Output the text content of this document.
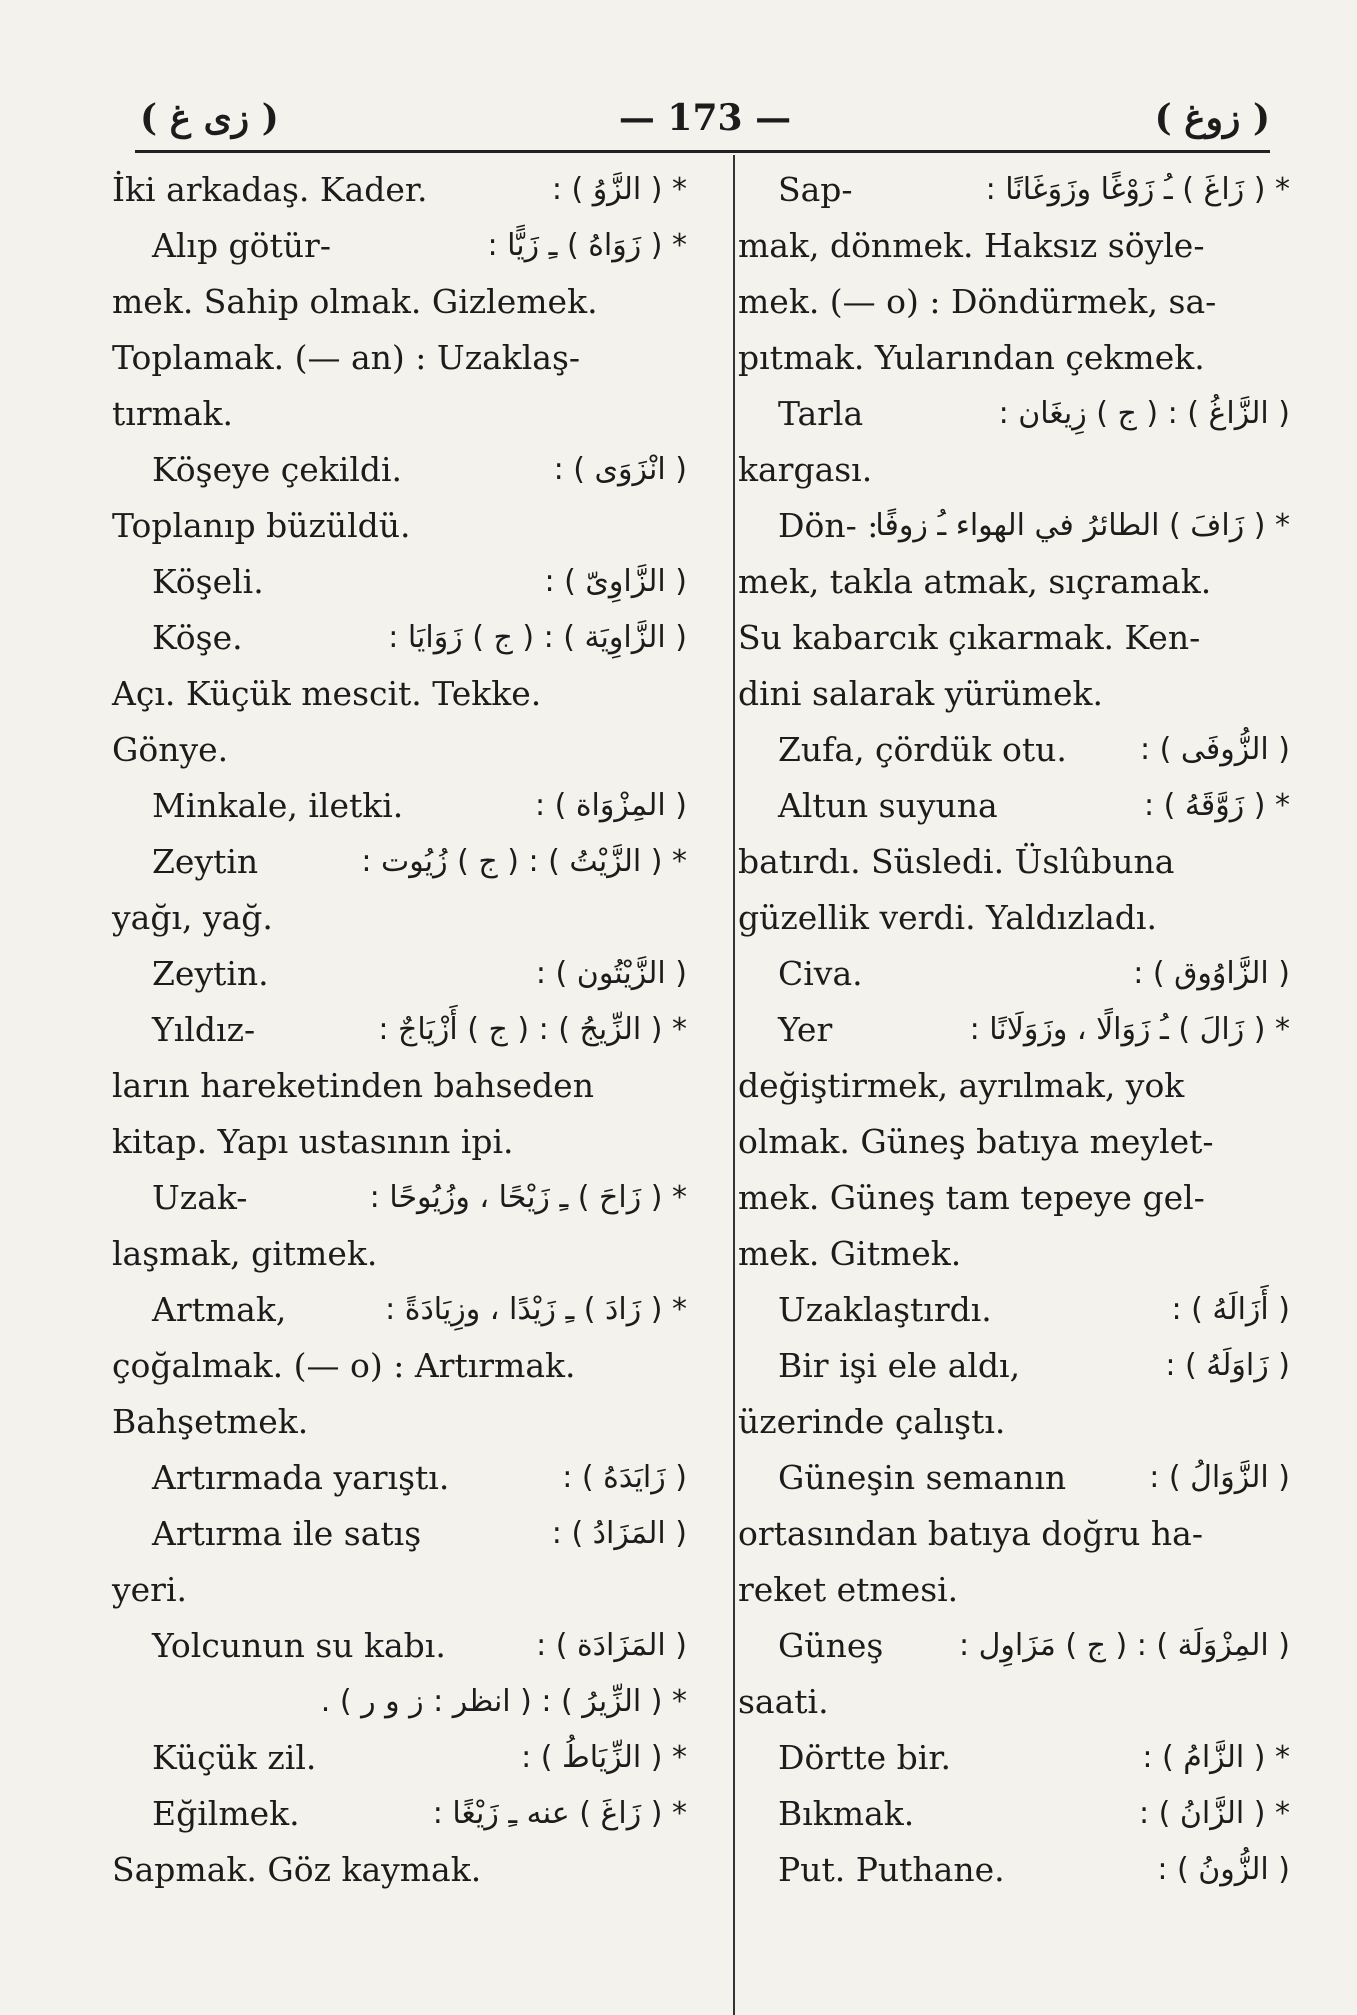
( زى غ )	— 173 —	( زوغ )
İki arkadaş. Kader.	* ( الزَّوُ ) :
Alıp götür-	* ( زَوَاهُ ) ـِ زَيًّا :
mek. Sahip olmak. Gizlemek.
Toplamak. (— an) : Uzaklaş-
tırmak.
Köşeye çekildi.	( انْزَوَى ) :
Toplanıp büzüldü.
Köşeli.	( الزَّاوِىّ ) :
Köşe.	( الزَّاوِيَة ) : ( ج ) زَوَايَا :
Açı. Küçük mescit. Tekke.
Gönye.
Minkale, iletki.	( المِزْوَاة ) :
Zeytin	* ( الزَّيْتُ ) : ( ج ) زُيُوت :
yağı, yağ.
Zeytin.	( الزَّيْتُون ) :
Yıldız-	* ( الزِّيجُ ) : ( ج ) أَزْيَاجٌ :
ların hareketinden bahseden
kitap. Yapı ustasının ipi.
Uzak-	* ( زَاحَ ) ـِ زَيْحًا ، وزُيُوحًا :
laşmak, gitmek.
Artmak,	* ( زَادَ ) ـِ زَيْدًا ، وزِيَادَةً :
çoğalmak. (— o) : Artırmak.
Bahşetmek.
Artırmada yarıştı.	( زَايَدَهُ ) :
Artırma ile satış	( المَزَادُ ) :
yeri.
Yolcunun su kabı.	( المَزَادَة ) :
* ( الزِّيرُ ) : ( انظر : ز و ر ) .
Küçük zil.	* ( الزِّيَاطُ ) :
Eğilmek.	* ( زَاغَ ) عنه ـِ زَيْغًا :
Sapmak. Göz kaymak.
Sap-	* ( زَاغَ ) ـُ زَوْغًا وزَوَغَانًا :
mak, dönmek. Haksız söyle-
mek. (— o) : Döndürmek, sa-
pıtmak. Yularından çekmek.
Tarla	( الزَّاغُ ) : ( ج ) زِيغَان :
kargası.
Dön- :
* ( زَافَ ) الطائرُ في الهواء ـُ زوفًا
mek, takla atmak, sıçramak.
Su kabarcık çıkarmak. Ken-
dini salarak yürümek.
Zufa, çördük otu. ( الزُّوفَى ) :
Altun suyuna	* ( زَوَّقَهُ ) :
batırdı. Süsledi. Üslûbuna
güzellik verdi. Yaldızladı.
Civa.	( الزَّاوُوق ) :
Yer	* ( زَالَ ) ـُ زَوَالًا ، وزَوَلَانًا :
değiştirmek, ayrılmak, yok
olmak. Güneş batıya meylet-
mek. Güneş tam tepeye gel-
mek. Gitmek.
Uzaklaştırdı.	( أَزَالَهُ ) :
Bir işi ele aldı,	( زَاوَلَهُ ) :
üzerinde çalıştı.
Güneşin semanın	( الزَّوَالُ ) :
ortasından batıya doğru ha-
reket etmesi.
Güneş	( المِزْوَلَة ) : ( ج ) مَزَاوِل :
saati.
Dörtte bir.	* ( الزَّامُ ) :
Bıkmak.	* ( الزَّانُ ) :
Put. Puthane.	( الزُّونُ ) :
